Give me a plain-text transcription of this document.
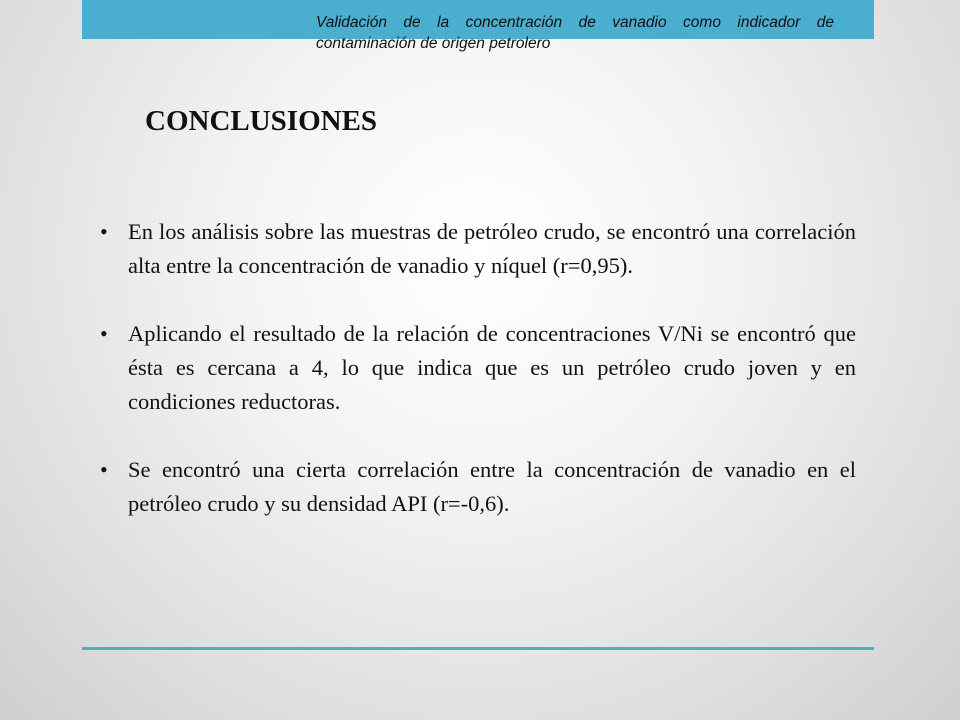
Validación de la concentración de vanadio como indicador de contaminación de origen petrolero
CONCLUSIONES
• En los análisis sobre las muestras de petróleo crudo, se encontró una correlación alta entre la concentración de vanadio y níquel (r=0,95).
• Aplicando el resultado de la relación de concentraciones V/Ni se encontró que ésta es cercana a 4, lo que indica que es un petróleo crudo joven y en condiciones reductoras.
• Se encontró una cierta correlación entre la concentración de vanadio en el petróleo crudo y su densidad API (r=-0,6).
